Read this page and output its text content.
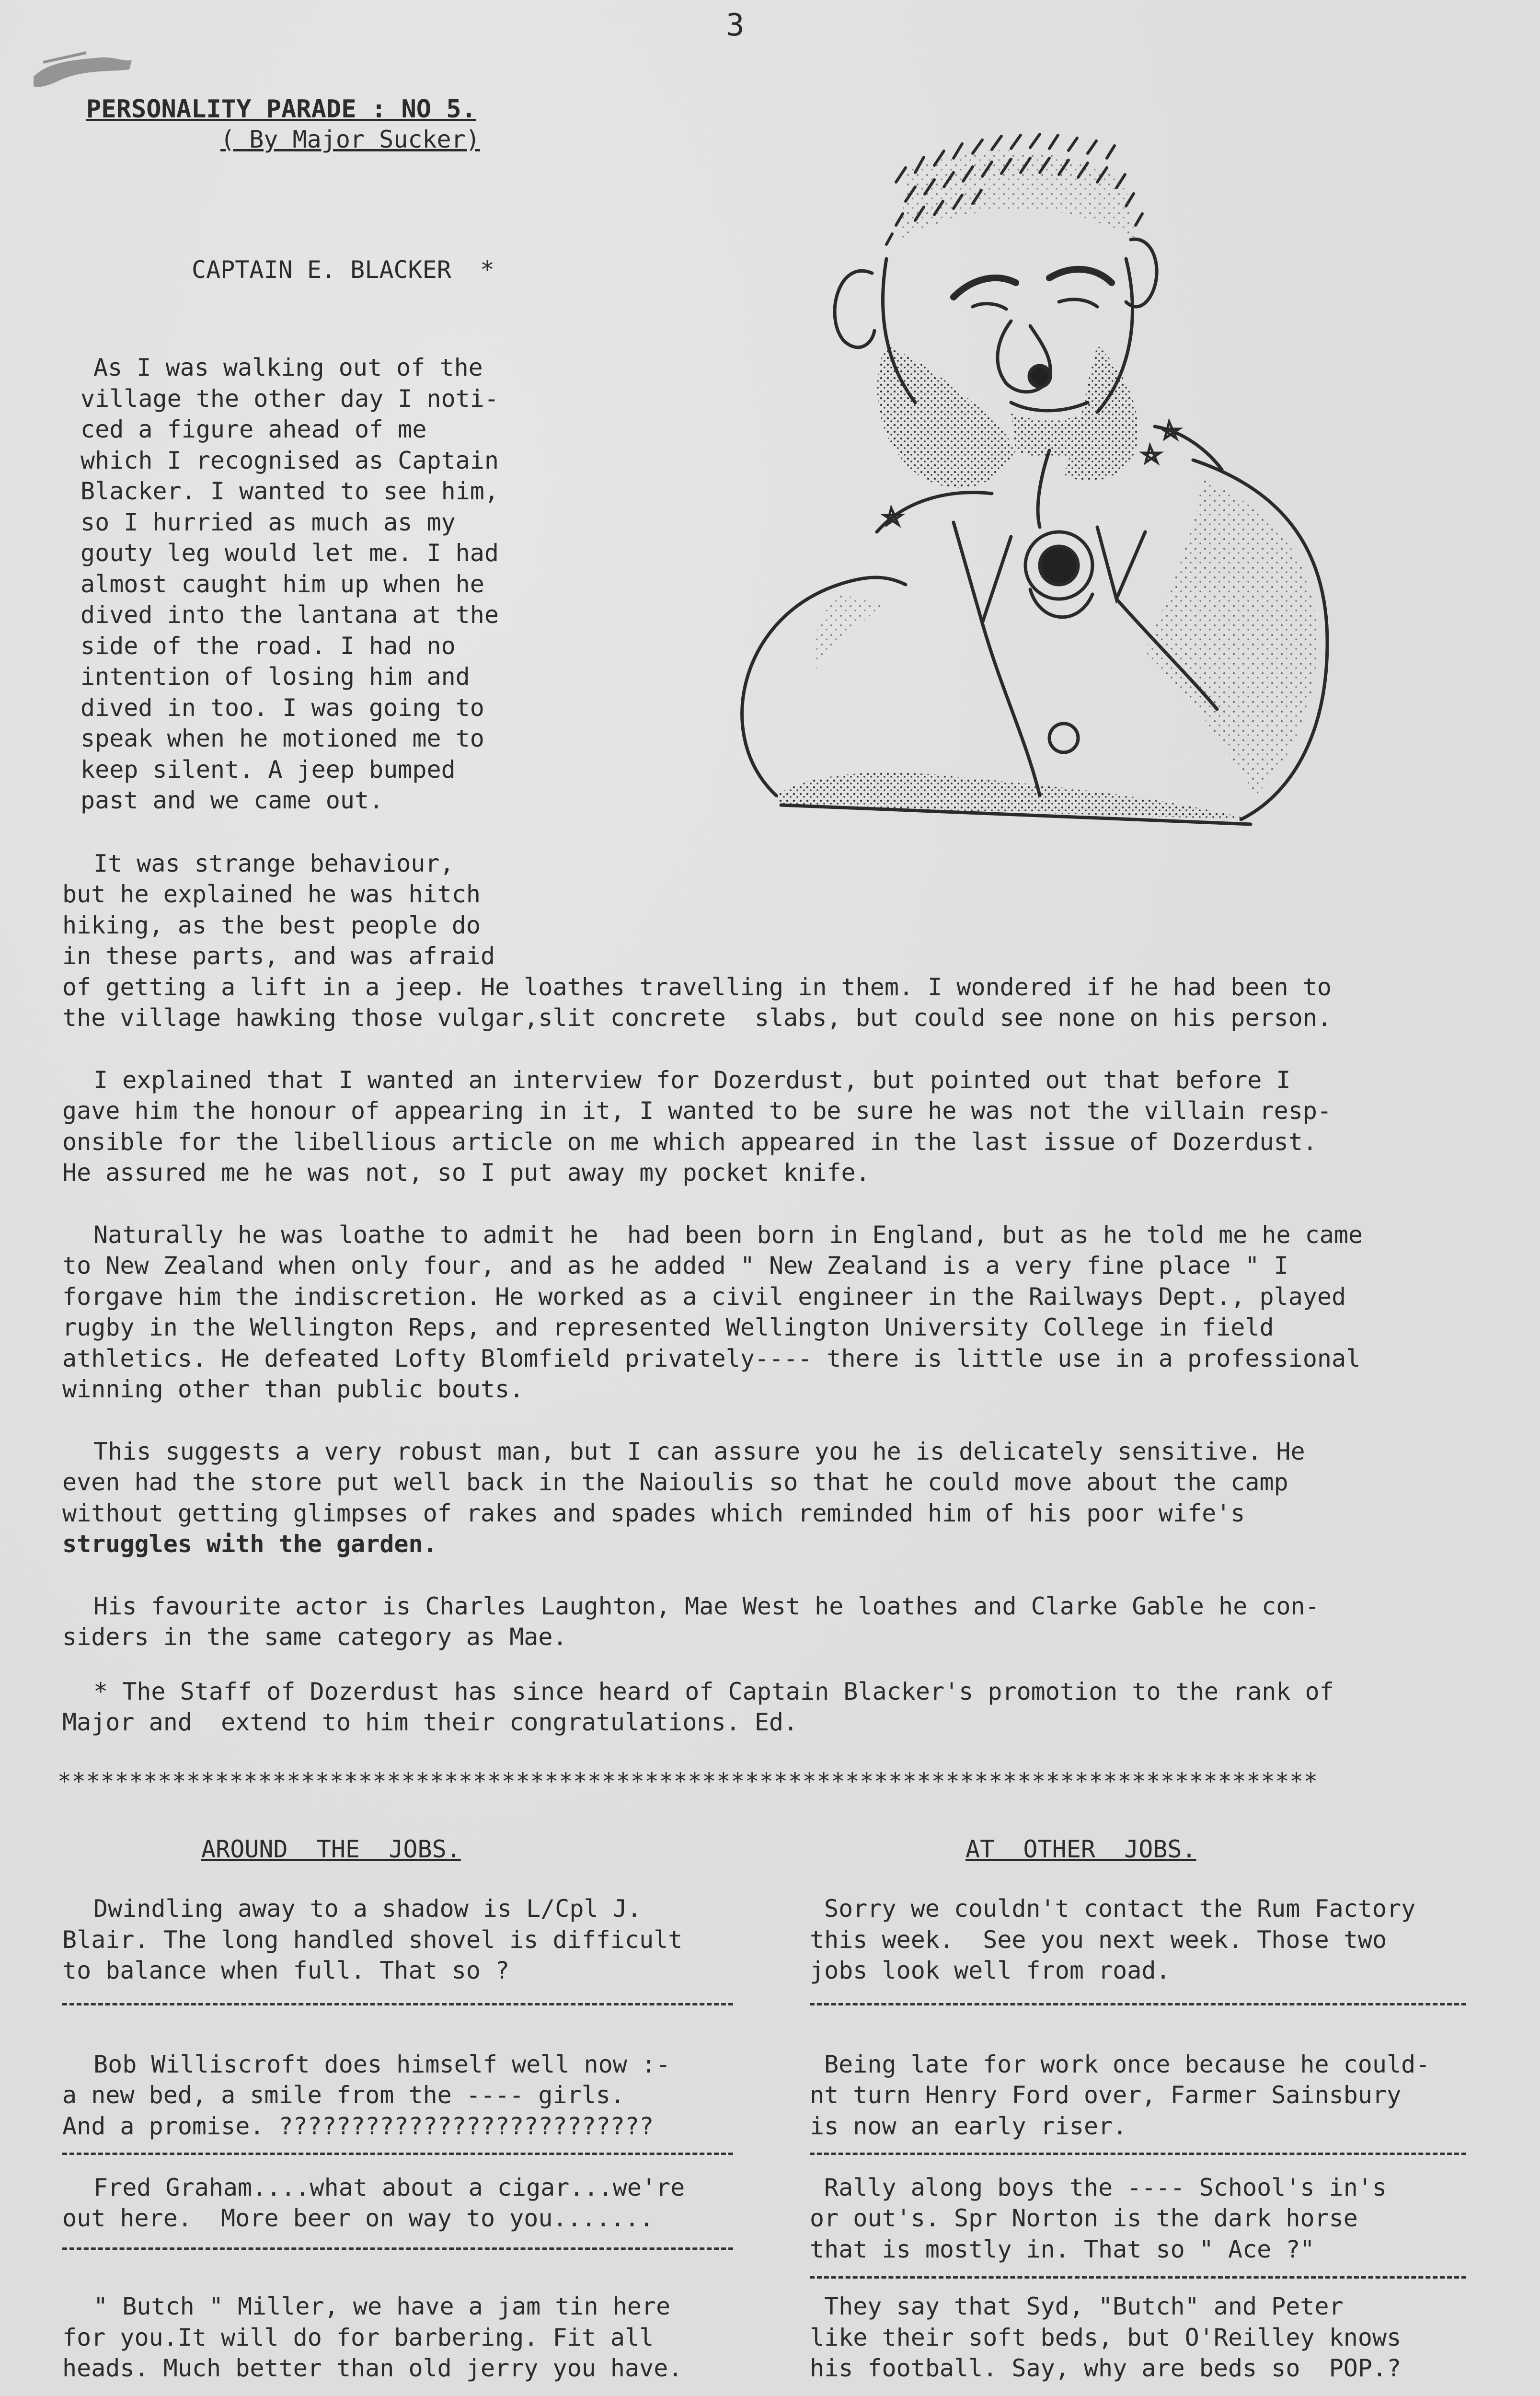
3
PERSONALITY PARADE : NO 5.
( By Major Sucker)
CAPTAIN E. BLACKER  *

As I was walking out of the

village the other day I noti-

ced a figure ahead of me

which I recognised as Captain

Blacker. I wanted to see him,

so I hurried as much as my

gouty leg would let me. I had

almost caught him up when he

dived into the lantana at the

side of the road. I had no

intention of losing him and

dived in too. I was going to

speak when he motioned me to

keep silent. A jeep bumped

past and we came out.

It was strange behaviour,

but he explained he was hitch

hiking, as the best people do

in these parts, and was afraid

of getting a lift in a jeep. He loathes travelling in them. I wondered if he had been to

the village hawking those vulgar,slit concrete  slabs, but could see none on his person.

I explained that I wanted an interview for Dozerdust, but pointed out that before I

gave him the honour of appearing in it, I wanted to be sure he was not the villain resp-

onsible for the libellious article on me which appeared in the last issue of Dozerdust.

He assured me he was not, so I put away my pocket knife.

Naturally he was loathe to admit he  had been born in England, but as he told me he came

to New Zealand when only four, and as he added " New Zealand is a very fine place " I

forgave him the indiscretion. He worked as a civil engineer in the Railways Dept., played

rugby in the Wellington Reps, and represented Wellington University College in field

athletics. He defeated Lofty Blomfield privately---- there is little use in a professional

winning other than public bouts.

This suggests a very robust man, but I can assure you he is delicately sensitive. He

even had the store put well back in the Naioulis so that he could move about the camp

without getting glimpses of rakes and spades which reminded him of his poor wife's

struggles with the garden.

His favourite actor is Charles Laughton, Mae West he loathes and Clarke Gable he con-

siders in the same category as Mae.

* The Staff of Dozerdust has since heard of Captain Blacker's promotion to the rank of

Major and  extend to him their congratulations. Ed.

****************************************************************************************
AROUND  THE  JOBS.	AT  OTHER  JOBS.

Dwindling away to a shadow is L/Cpl J.

Blair. The long handled shovel is difficult

to balance when full. That so ?

Bob Williscroft does himself well now :-

a new bed, a smile from the ---- girls.

And a promise. ??????????????????????????

Fred Graham....what about a cigar...we're

out here.  More beer on way to you.......

" Butch " Miller, we have a jam tin here

for you.It will do for barbering. Fit all

heads. Much better than old jerry you have.

Sorry we couldn't contact the Rum Factory

this week.  See you next week. Those two

jobs look well from road.

Being late for work once because he could-

nt turn Henry Ford over, Farmer Sainsbury

is now an early riser.

Rally along boys the ---- School's in's

or out's. Spr Norton is the dark horse

that is mostly in. That so " Ace ?"

They say that Syd, "Butch" and Peter

like their soft beds, but O'Reilley knows

his football. Say, why are beds so  POP.?
